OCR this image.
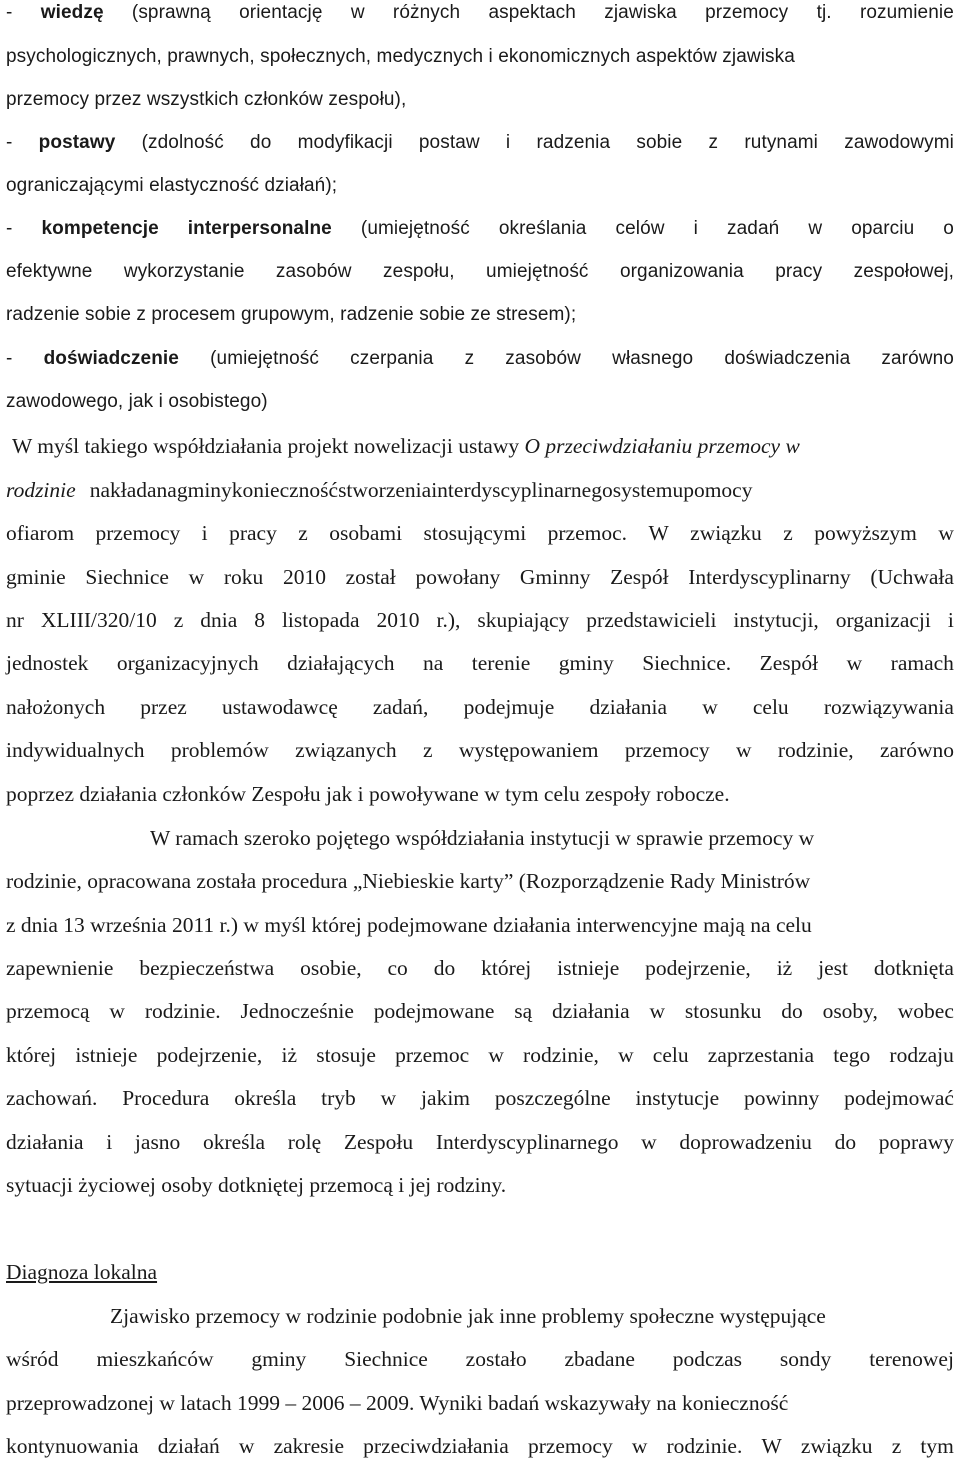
- wiedzę (sprawną orientację w różnych aspektach zjawiska przemocy tj. rozumienie
psychologicznych, prawnych, społecznych, medycznych i ekonomicznych aspektów zjawiska
przemocy przez wszystkich członków zespołu),
- postawy (zdolność do modyfikacji postaw i radzenia sobie z rutynami zawodowymi
ograniczającymi elastyczność działań);
- kompetencje interpersonalne (umiejętność określania celów i zadań w oparciu o
efektywne wykorzystanie zasobów zespołu, umiejętność organizowania pracy zespołowej,
radzenie sobie z procesem grupowym, radzenie sobie ze stresem);
- doświadczenie (umiejętność czerpania z zasobów własnego doświadczenia zarówno
zawodowego, jak i osobistego)
W myśl takiego współdziałania projekt nowelizacji ustawy O przeciwdziałaniu przemocy w
rodzinie nakładanagminykoniecznośćstworzeniainterdyscyplinarnegosystemupomocy
ofiarom przemocy i pracy z osobami stosującymi przemoc. W związku z powyższym w
gminie Siechnice w roku 2010 został powołany Gminny Zespół Interdyscyplinarny (Uchwała
nr XLIII/320/10 z dnia 8 listopada 2010 r.), skupiający przedstawicieli instytucji, organizacji i
jednostek organizacyjnych działających na terenie gminy Siechnice. Zespół w ramach
nałożonych przez ustawodawcę zadań, podejmuje działania w celu rozwiązywania
indywidualnych problemów związanych z występowaniem przemocy w rodzinie, zarówno
poprzez działania członków Zespołu jak i powoływane w tym celu zespoły robocze.
W ramach szeroko pojętego współdziałania instytucji w sprawie przemocy w
rodzinie, opracowana została procedura „Niebieskie karty” (Rozporządzenie Rady Ministrów
z dnia 13 września 2011 r.) w myśl której podejmowane działania interwencyjne mają na celu
zapewnienie bezpieczeństwa osobie, co do której istnieje podejrzenie, iż jest dotknięta
przemocą w rodzinie. Jednocześnie podejmowane są działania w stosunku do osoby, wobec
której istnieje podejrzenie, iż stosuje przemoc w rodzinie, w celu zaprzestania tego rodzaju
zachowań. Procedura określa tryb w jakim poszczególne instytucje powinny podejmować
działania i jasno określa rolę Zespołu Interdyscyplinarnego w doprowadzeniu do poprawy
sytuacji życiowej osoby dotkniętej przemocą i jej rodziny.
Diagnoza lokalna
Zjawisko przemocy w rodzinie podobnie jak inne problemy społeczne występujące
wśród mieszkańców gminy Siechnice zostało zbadane podczas sondy terenowej
przeprowadzonej w latach 1999 – 2006 – 2009. Wyniki badań wskazywały na konieczność
kontynuowania działań w zakresie przeciwdziałania przemocy w rodzinie. W związku z tym
